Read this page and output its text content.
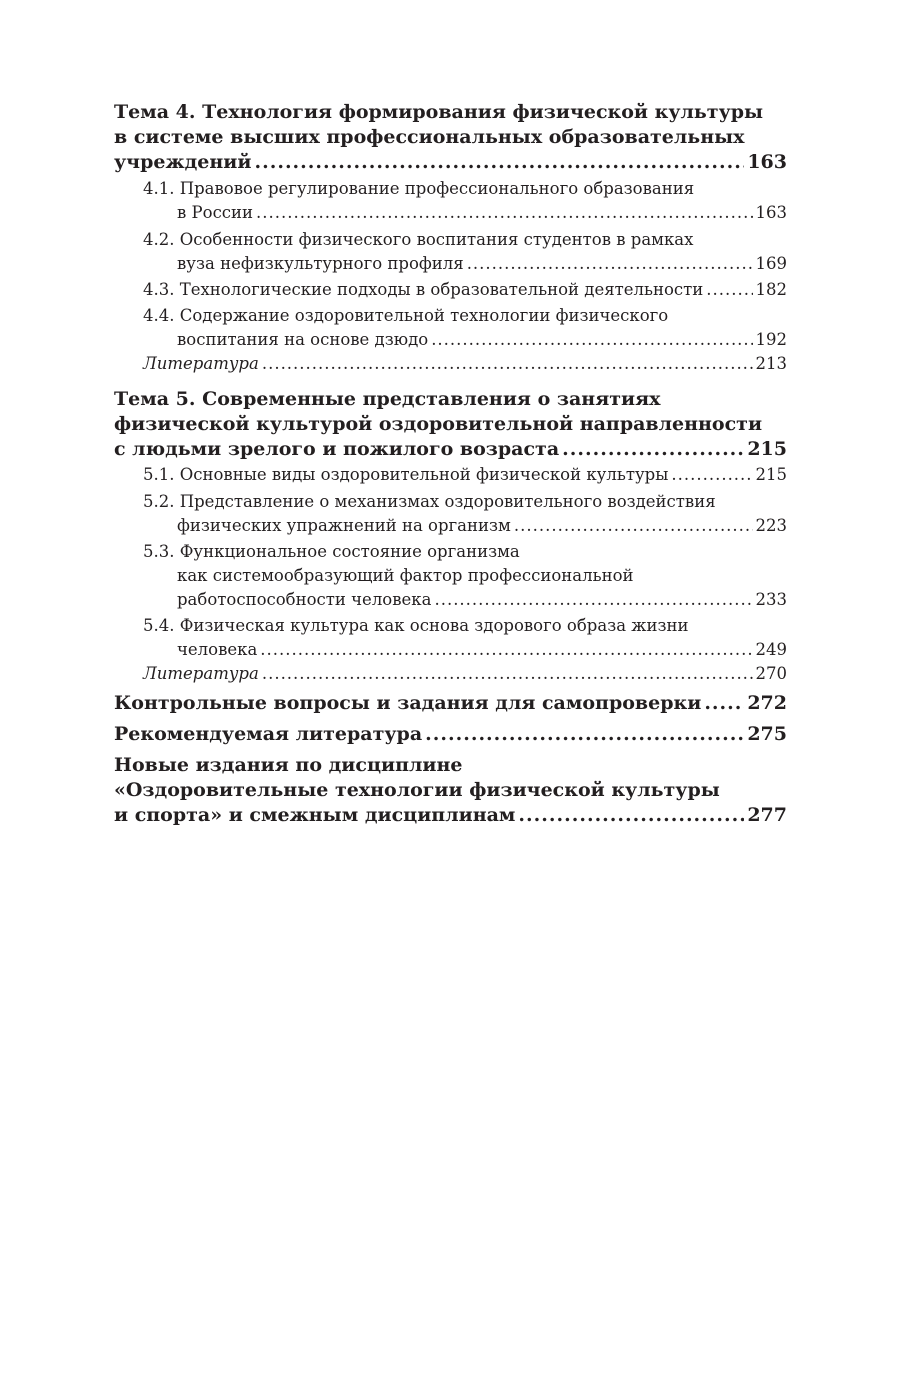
Тема 4. Технология формирования физической культуры
в системе высших профессиональных образовательных
учреждений .....	163
4.1. Правовое регулирование профессионального образования
в России .....	163
4.2. Особенности физического воспитания студентов в рамках
вуза нефизкультурного профиля .....	169
4.3. Технологические подходы в образовательной деятельности .....	182
4.4. Содержание оздоровительной технологии физического
воспитания на основе дзюдо .....	192
Литература .....	213
Тема 5. Современные представления о занятиях
физической культурой оздоровительной направленности
с людьми зрелого и пожилого возраста .....	215
5.1. Основные виды оздоровительной физической культуры .....	215
5.2. Представление о механизмах оздоровительного воздействия
физических упражнений на организм .....	223
5.3. Функциональное состояние организма
как системообразующий фактор профессиональной
работоспособности человека .....	233
5.4. Физическая культура как основа здорового образа жизни
человека .....	249
Литература .....	270
Контрольные вопросы и задания для самопроверки ..... 272
Рекомендуемая литература .....	275
Новые издания по дисциплине
«Оздоровительные технологии физической культуры
и спорта» и смежным дисциплинам .....	277
